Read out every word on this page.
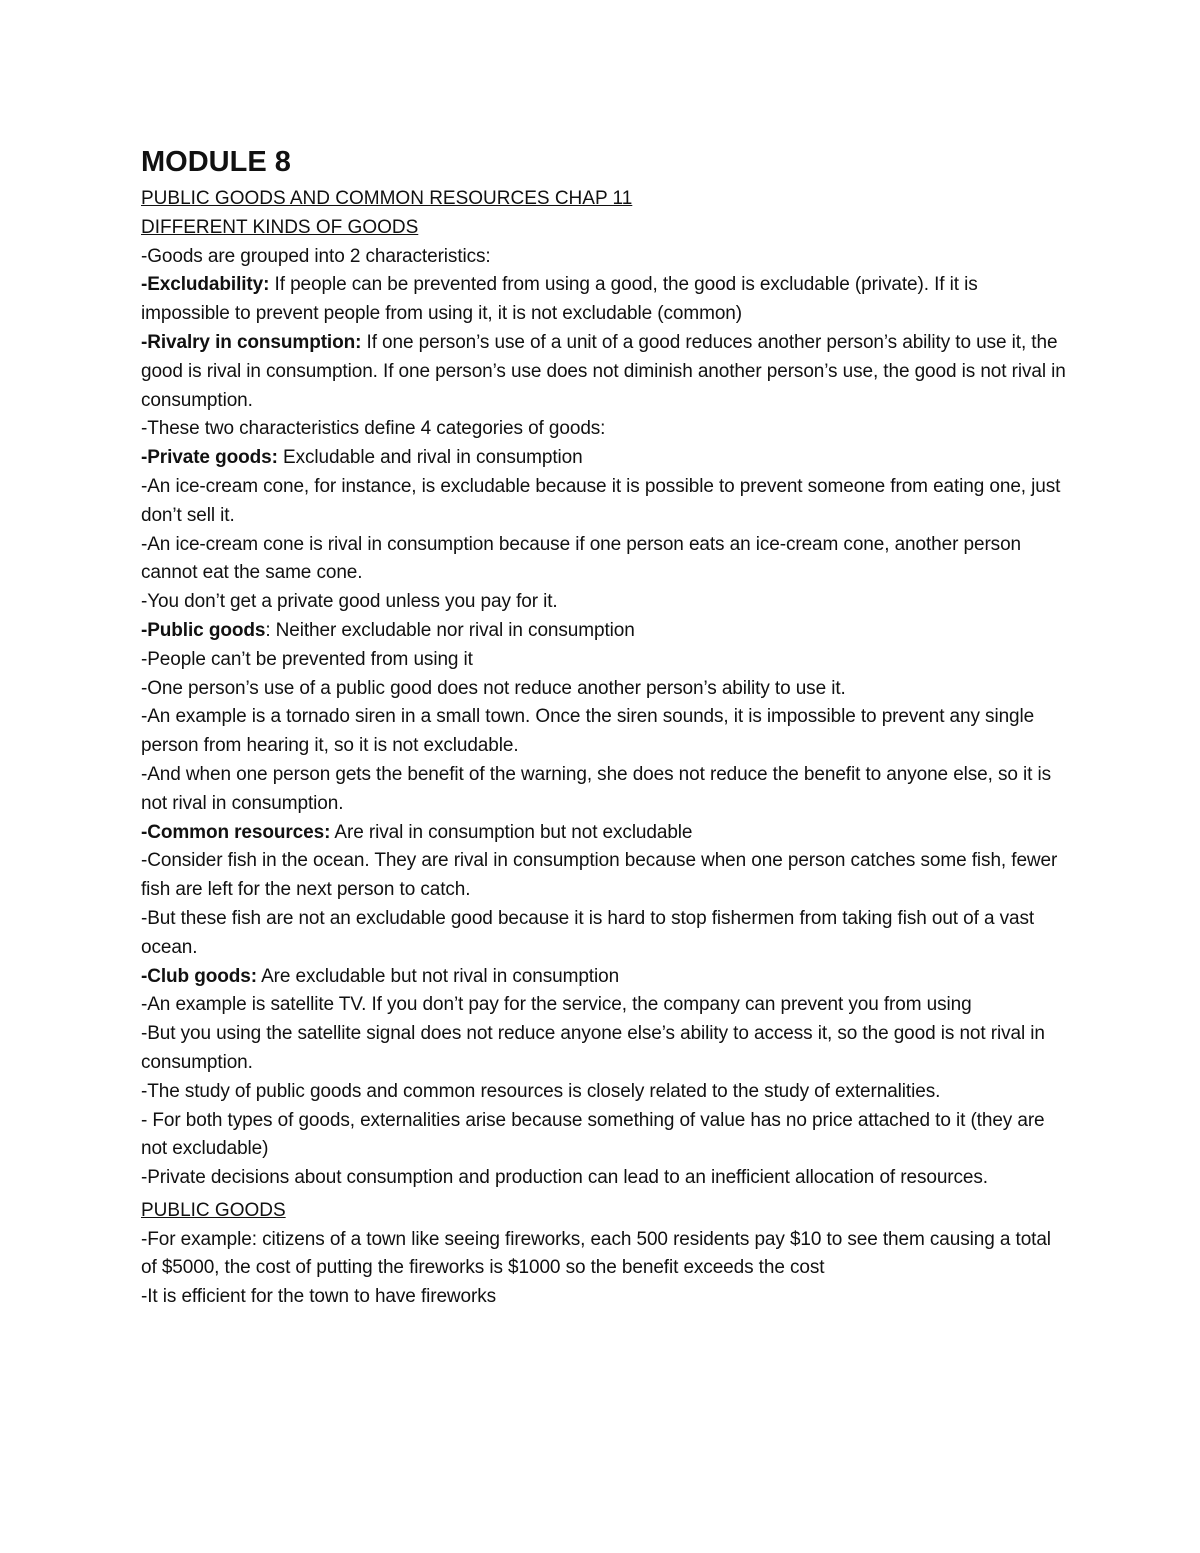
MODULE 8
PUBLIC GOODS AND COMMON RESOURCES CHAP 11
DIFFERENT KINDS OF GOODS
-Goods are grouped into 2 characteristics:
-Excludability: If people can be prevented from using a good, the good is excludable (private). If it is impossible to prevent people from using it, it is not excludable (common)
-Rivalry in consumption: If one person’s use of a unit of a good reduces another person’s ability to use it, the good is rival in consumption. If one person’s use does not diminish another person’s use, the good is not rival in consumption.
-These two characteristics define 4 categories of goods:
-Private goods: Excludable and rival in consumption
-An ice-cream cone, for instance, is excludable because it is possible to prevent someone from eating one, just don’t sell it.
-An ice-cream cone is rival in consumption because if one person eats an ice-cream cone, another person cannot eat the same cone.
-You don’t get a private good unless you pay for it.
-Public goods: Neither excludable nor rival in consumption
-People can’t be prevented from using it
-One person’s use of a public good does not reduce another person’s ability to use it.
-An example is a tornado siren in a small town. Once the siren sounds, it is impossible to prevent any single person from hearing it, so it is not excludable.
-And when one person gets the benefit of the warning, she does not reduce the benefit to anyone else, so it is not rival in consumption.
-Common resources: Are rival in consumption but not excludable
-Consider fish in the ocean. They are rival in consumption because when one person catches some fish, fewer fish are left for the next person to catch.
-But these fish are not an excludable good because it is hard to stop fishermen from taking fish out of a vast ocean.
-Club goods: Are excludable but not rival in consumption
-An example is satellite TV. If you don’t pay for the service, the company can prevent you from using
-But you using the satellite signal does not reduce anyone else’s ability to access it, so the good is not rival in consumption.
-The study of public goods and common resources is closely related to the study of externalities.
- For both types of goods, externalities arise because something of value has no price attached to it (they are not excludable)
-Private decisions about consumption and production can lead to an inefficient allocation of resources.
PUBLIC GOODS
-For example: citizens of a town like seeing fireworks, each 500 residents pay $10 to see them causing a total of $5000, the cost of putting the fireworks is $1000 so the benefit exceeds the cost
-It is efficient for the town to have fireworks
